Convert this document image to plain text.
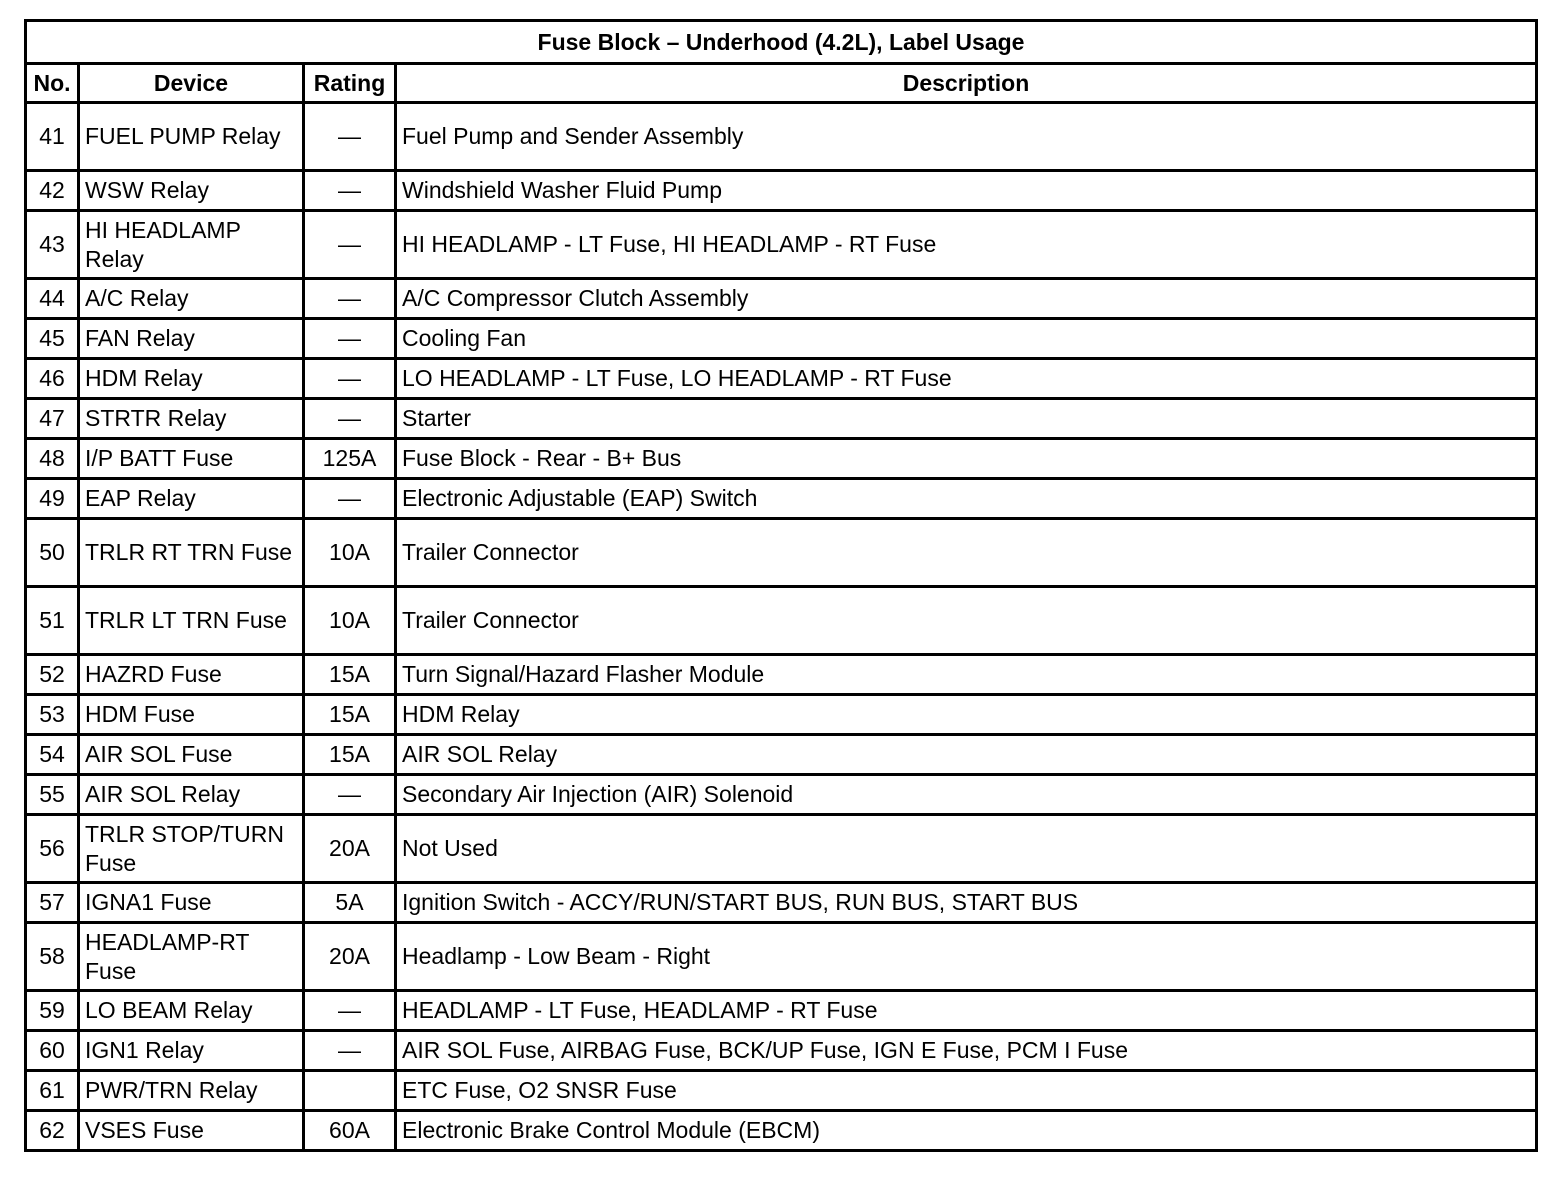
Fuse Block – Underhood (4.2L), Label Usage			
No.	Device	Rating	Description
41	FUEL PUMP Relay	—	Fuel Pump and Sender Assembly
42	WSW Relay	—	Windshield Washer Fluid Pump
43	HI HEADLAMP Relay	—	HI HEADLAMP - LT Fuse, HI HEADLAMP - RT Fuse
44	A/C Relay	—	A/C Compressor Clutch Assembly
45	FAN Relay	—	Cooling Fan
46	HDM Relay	—	LO HEADLAMP - LT Fuse, LO HEADLAMP - RT Fuse
47	STRTR Relay	—	Starter
48	I/P BATT Fuse	125A	Fuse Block - Rear - B+ Bus
49	EAP Relay	—	Electronic Adjustable (EAP) Switch
50	TRLR RT TRN Fuse	10A	Trailer Connector
51	TRLR LT TRN Fuse	10A	Trailer Connector
52	HAZRD Fuse	15A	Turn Signal/Hazard Flasher Module
53	HDM Fuse	15A	HDM Relay
54	AIR SOL Fuse	15A	AIR SOL Relay
55	AIR SOL Relay	—	Secondary Air Injection (AIR) Solenoid
56	TRLR STOP/TURN Fuse	20A	Not Used
57	IGNA1 Fuse	5A	Ignition Switch - ACCY/RUN/START BUS, RUN BUS, START BUS
58	HEADLAMP-RT Fuse	20A	Headlamp - Low Beam - Right
59	LO BEAM Relay	—	HEADLAMP - LT Fuse, HEADLAMP - RT Fuse
60	IGN1 Relay	—	AIR SOL Fuse, AIRBAG Fuse, BCK/UP Fuse, IGN E Fuse, PCM I Fuse
61	PWR/TRN Relay		ETC Fuse, O2 SNSR Fuse
62	VSES Fuse	60A	Electronic Brake Control Module (EBCM)
